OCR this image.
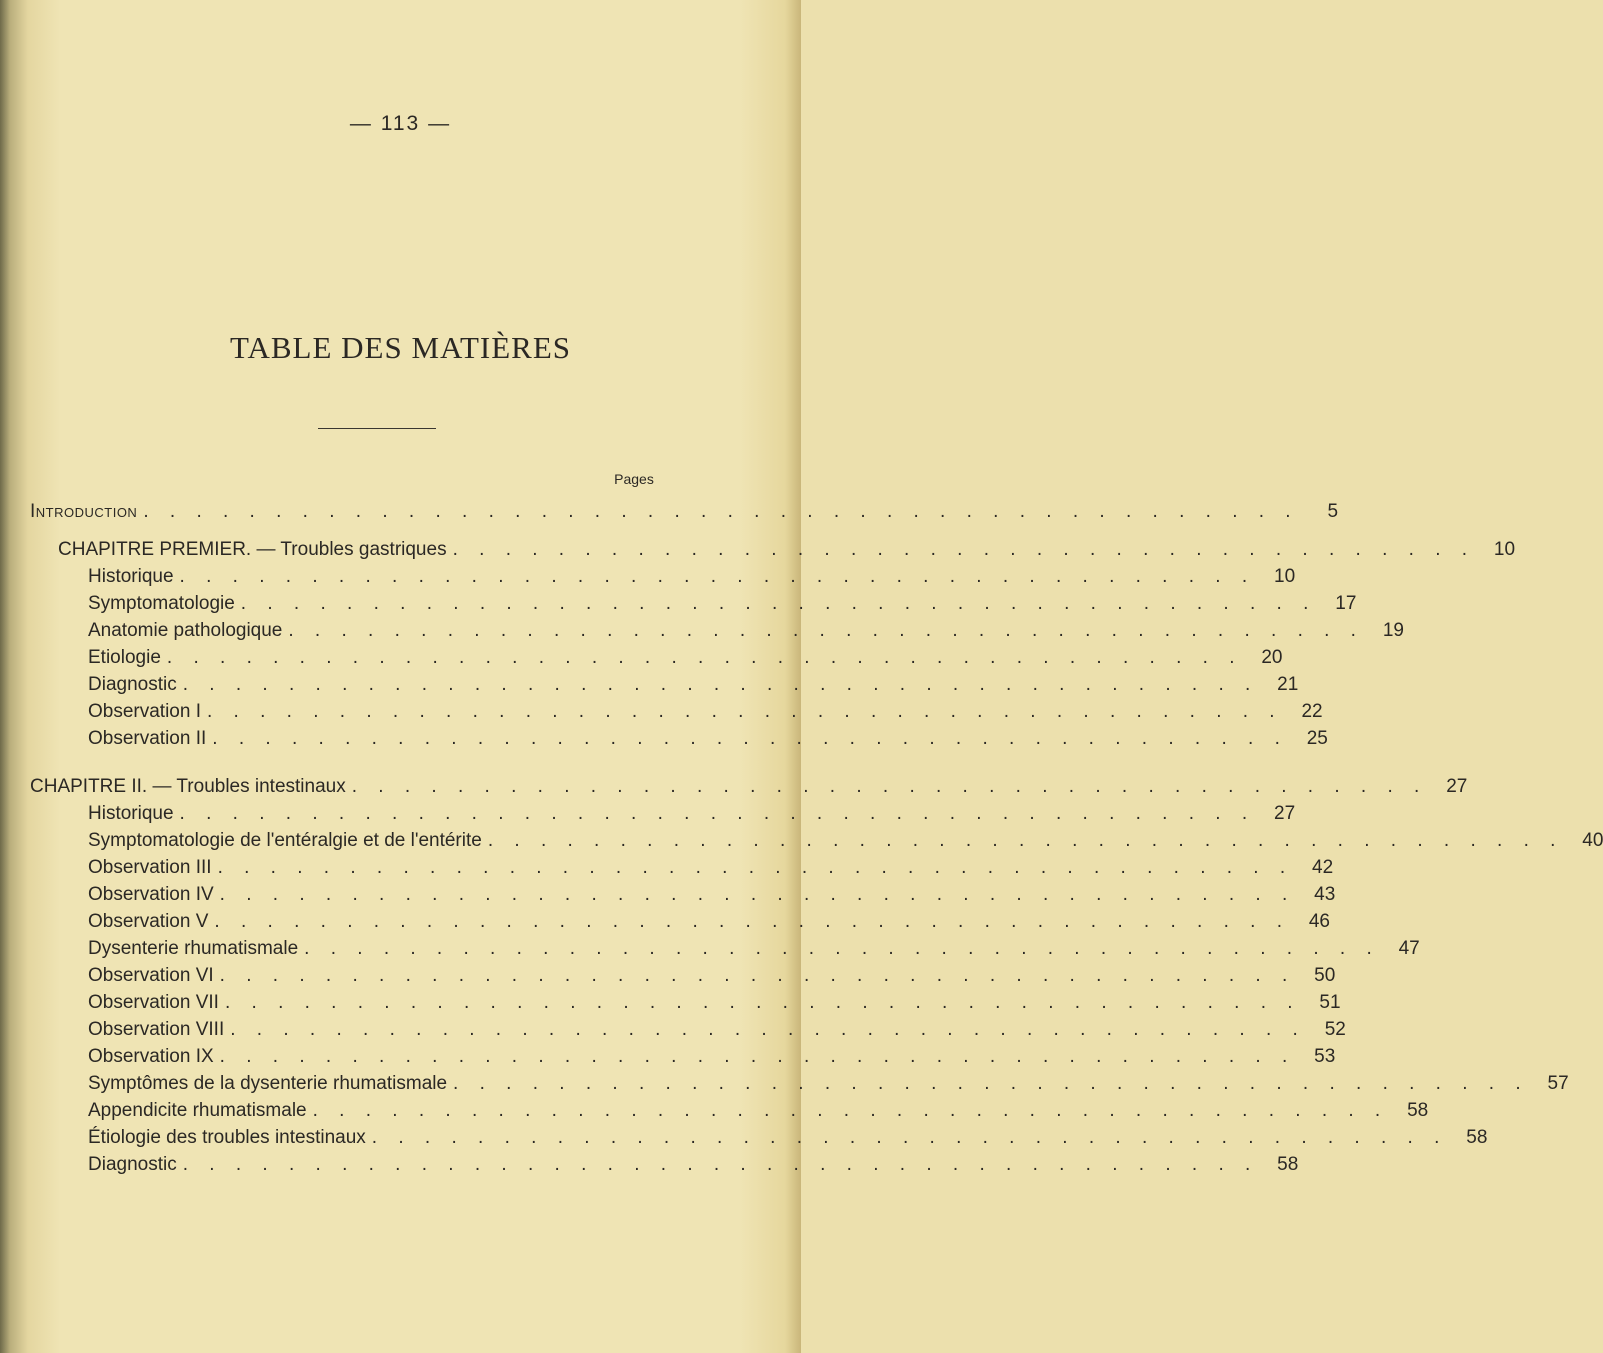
— 113 —
TABLE DES MATIÈRES
Pages
Introduction . . . . . . . . . . . . . . . . . . . . . . . . . . . . . . . . . . . . . . . . . . . .	5
CHAPITRE PREMIER. — Troubles gastriques . . . . . . . . . . . . . . . . . . . . . . . . . . . . . . . . . . . . . . . 10
Historique . . . . . . . . . . . . . . . . . . . . . . . . . . . . . . . . . . . . . . . . . 10
Symptomatologie . . . . . . . . . . . . . . . . . . . . . . . . . . . . . . . . . . . . . . . . . 17
Anatomie pathologique . . . . . . . . . . . . . . . . . . . . . . . . . . . . . . . . . . . . . . . . . 19
Etiologie . . . . . . . . . . . . . . . . . . . . . . . . . . . . . . . . . . . . . . . . . 20
Diagnostic . . . . . . . . . . . . . . . . . . . . . . . . . . . . . . . . . . . . . . . . . 21
Observation I . . . . . . . . . . . . . . . . . . . . . . . . . . . . . . . . . . . . . . . . . 22
Observation II . . . . . . . . . . . . . . . . . . . . . . . . . . . . . . . . . . . . . . . . . 25
CHAPITRE II. — Troubles intestinaux . . . . . . . . . . . . . . . . . . . . . . . . . . . . . . . . . . . . . . . . . 27
Historique . . . . . . . . . . . . . . . . . . . . . . . . . . . . . . . . . . . . . . . . . 27
Symptomatologie de l'entéralgie et de l'entérite . . . . . . . . . . . . . . . . . . . . . . . . . . . . . . . . . . . . . . . . . 40
Observation III . . . . . . . . . . . . . . . . . . . . . . . . . . . . . . . . . . . . . . . . . 42
Observation IV . . . . . . . . . . . . . . . . . . . . . . . . . . . . . . . . . . . . . . . . . 43
Observation V . . . . . . . . . . . . . . . . . . . . . . . . . . . . . . . . . . . . . . . . . 46
Dysenterie rhumatismale . . . . . . . . . . . . . . . . . . . . . . . . . . . . . . . . . . . . . . . . . 47
Observation VI . . . . . . . . . . . . . . . . . . . . . . . . . . . . . . . . . . . . . . . . . 50
Observation VII . . . . . . . . . . . . . . . . . . . . . . . . . . . . . . . . . . . . . . . . . 51
Observation VIII . . . . . . . . . . . . . . . . . . . . . . . . . . . . . . . . . . . . . . . . . 52
Observation IX . . . . . . . . . . . . . . . . . . . . . . . . . . . . . . . . . . . . . . . . . 53
Symptômes de la dysenterie rhumatismale . . . . . . . . . . . . . . . . . . . . . . . . . . . . . . . . . . . . . . . . . 57
Appendicite rhumatismale . . . . . . . . . . . . . . . . . . . . . . . . . . . . . . . . . . . . . . . . . 58
Étiologie des troubles intestinaux . . . . . . . . . . . . . . . . . . . . . . . . . . . . . . . . . . . . . . . . . 58
Diagnostic . . . . . . . . . . . . . . . . . . . . . . . . . . . . . . . . . . . . . . . . . 58
